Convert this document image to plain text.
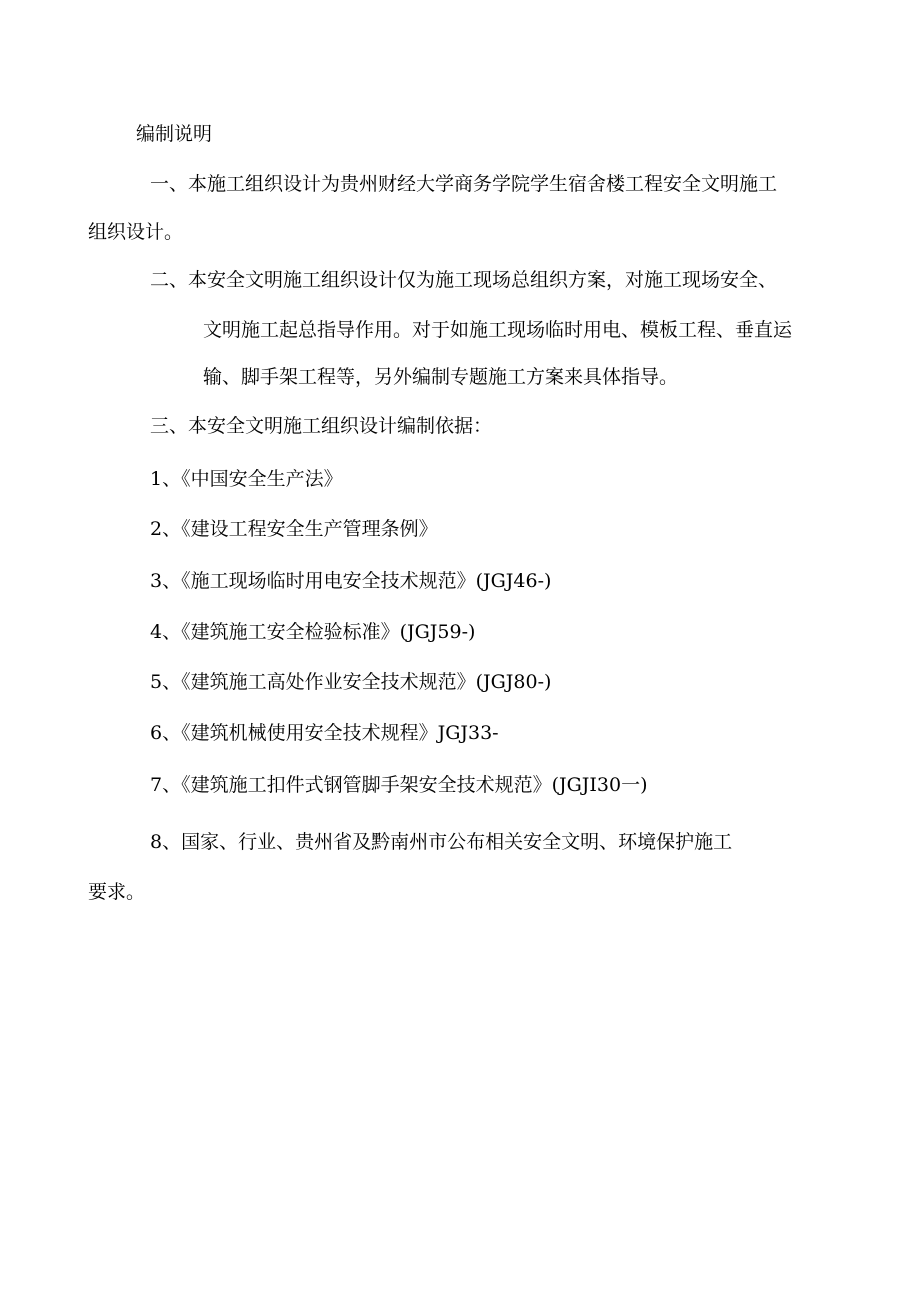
编制说明

一、本施工组织设计为贵州财经大学商务学院学生宿舍楼工程安全文明施工

组织设计。

二、本安全文明施工组织设计仅为施工现场总组织方案，对施工现场安全、

文明施工起总指导作用。对于如施工现场临时用电、模板工程、垂直运

输、脚手架工程等，另外编制专题施工方案来具体指导。

三、本安全文明施工组织设计编制依据：

1、《中国安全生产法》

2、《建设工程安全生产管理条例》

3、《施工现场临时用电安全技术规范》(JGJ46-)

4、《建筑施工安全检验标准》(JGJ59-)

5、《建筑施工高处作业安全技术规范》(JGJ80-)

6、《建筑机械使用安全技术规程》JGJ33-

7、《建筑施工扣件式钢管脚手架安全技术规范》(JGJI30一)

8、国家、行业、贵州省及黔南州市公布相关安全文明、环境保护施工

要求。
